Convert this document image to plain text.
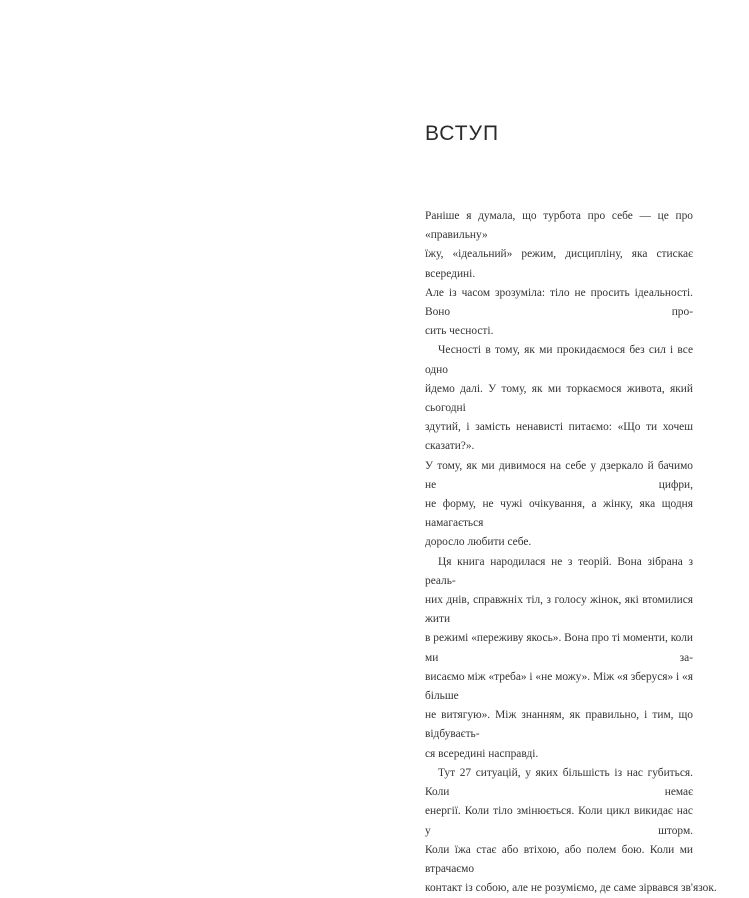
ВСТУП

Раніше я думала, що турбота про себе — це про «правильну»
їжу, «ідеальний» режим, дисципліну, яка стискає всередині.
Але із часом зрозуміла: тіло не просить ідеальності. Воно про-
сить чесності.

Чесності в тому, як ми прокидаємося без сил і все одно
йдемо далі. У тому, як ми торкаємося живота, який сьогодні
здутий, і замість ненависті питаємо: «Що ти хочеш сказати?».
У тому, як ми дивимося на себе у дзеркало й бачимо не цифри,
не форму, не чужі очікування, а жінку, яка щодня намагається
доросло любити себе.

Ця книга народилася не з теорій. Вона зібрана з реаль-
них днів, справжніх тіл, з голосу жінок, які втомилися жити
в режимі «переживу якось». Вона про ті моменти, коли ми за-
висаємо між «треба» і «не можу». Між «я зберуся» і «я більше
не витягую». Між знанням, як правильно, і тим, що відбуваєть-
ся всередині насправді.

Тут 27 ситуацій, у яких більшість із нас губиться. Коли немає
енергії. Коли тіло змінюється. Коли цикл викидає нас у шторм.
Коли їжа стає або втіхою, або полем бою. Коли ми втрачаємо
контакт із собою, але не розуміємо, де саме зірвався зв'язок.
